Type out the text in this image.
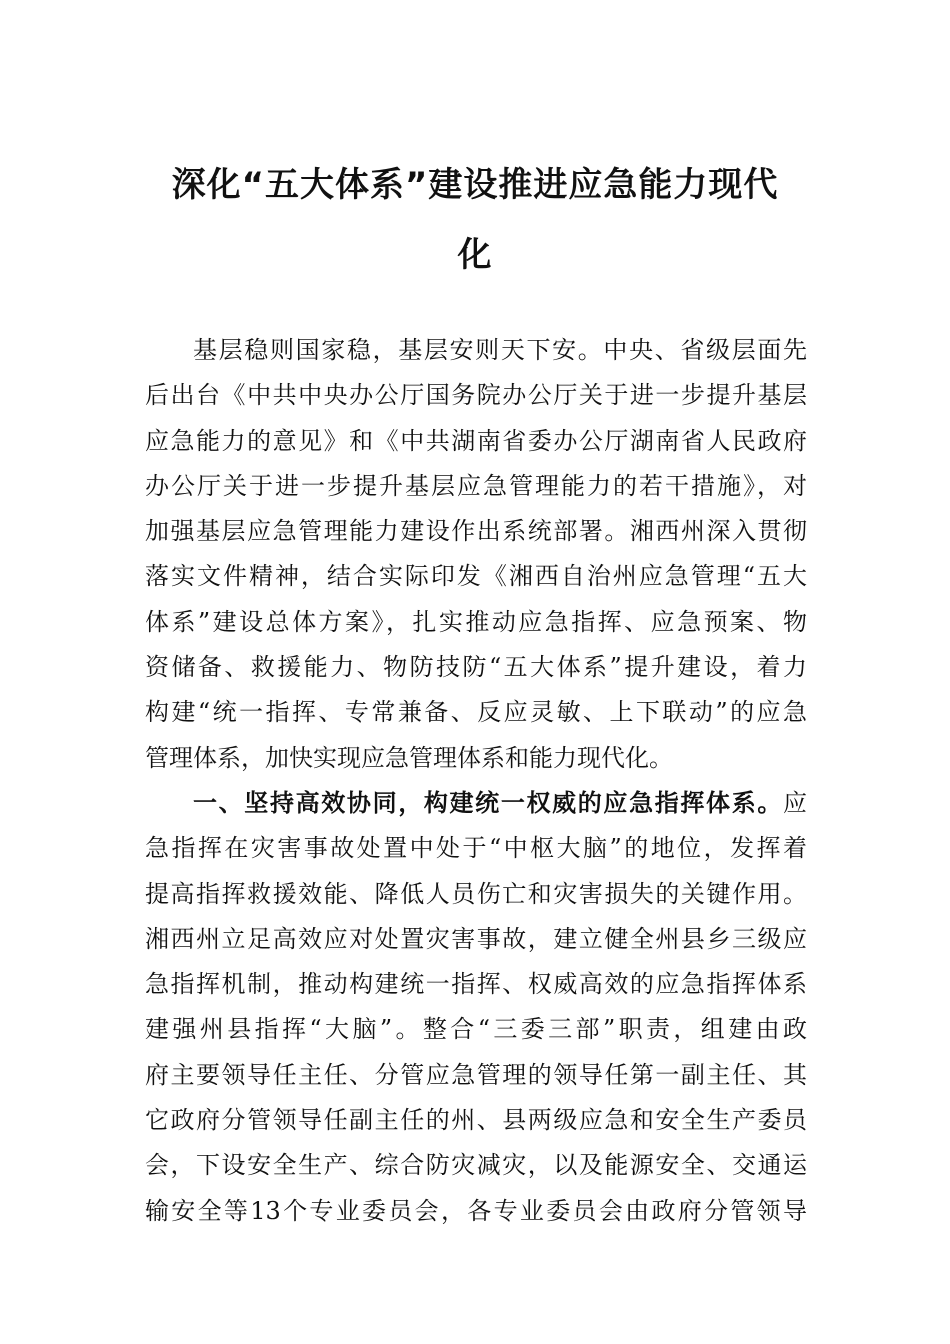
深化“五大体系”建设推进应急能力现代
化
基层稳则国家稳，基层安则天下安。中央、省级层面先
后出台《中共中央办公厅国务院办公厅关于进一步提升基层
应急能力的意见》和《中共湖南省委办公厅湖南省人民政府
办公厅关于进一步提升基层应急管理能力的若干措施》，对
加强基层应急管理能力建设作出系统部署。湘西州深入贯彻
落实文件精神，结合实际印发《湘西自治州应急管理“五大
体系”建设总体方案》，扎实推动应急指挥、应急预案、物
资储备、救援能力、物防技防“五大体系”提升建设，着力
构建“统一指挥、专常兼备、反应灵敏、上下联动”的应急
管理体系，加快实现应急管理体系和能力现代化。
一、坚持高效协同，构建统一权威的应急指挥体系。应
急指挥在灾害事故处置中处于“中枢大脑”的地位，发挥着
提高指挥救援效能、降低人员伤亡和灾害损失的关键作用。
湘西州立足高效应对处置灾害事故，建立健全州县乡三级应
急指挥机制，推动构建统一指挥、权威高效的应急指挥体系
建强州县指挥“大脑”。整合“三委三部”职责，组建由政
府主要领导任主任、分管应急管理的领导任第一副主任、其
它政府分管领导任副主任的州、县两级应急和安全生产委员
会，下设安全生产、综合防灾减灾，以及能源安全、交通运
输安全等13个专业委员会，各专业委员会由政府分管领导
